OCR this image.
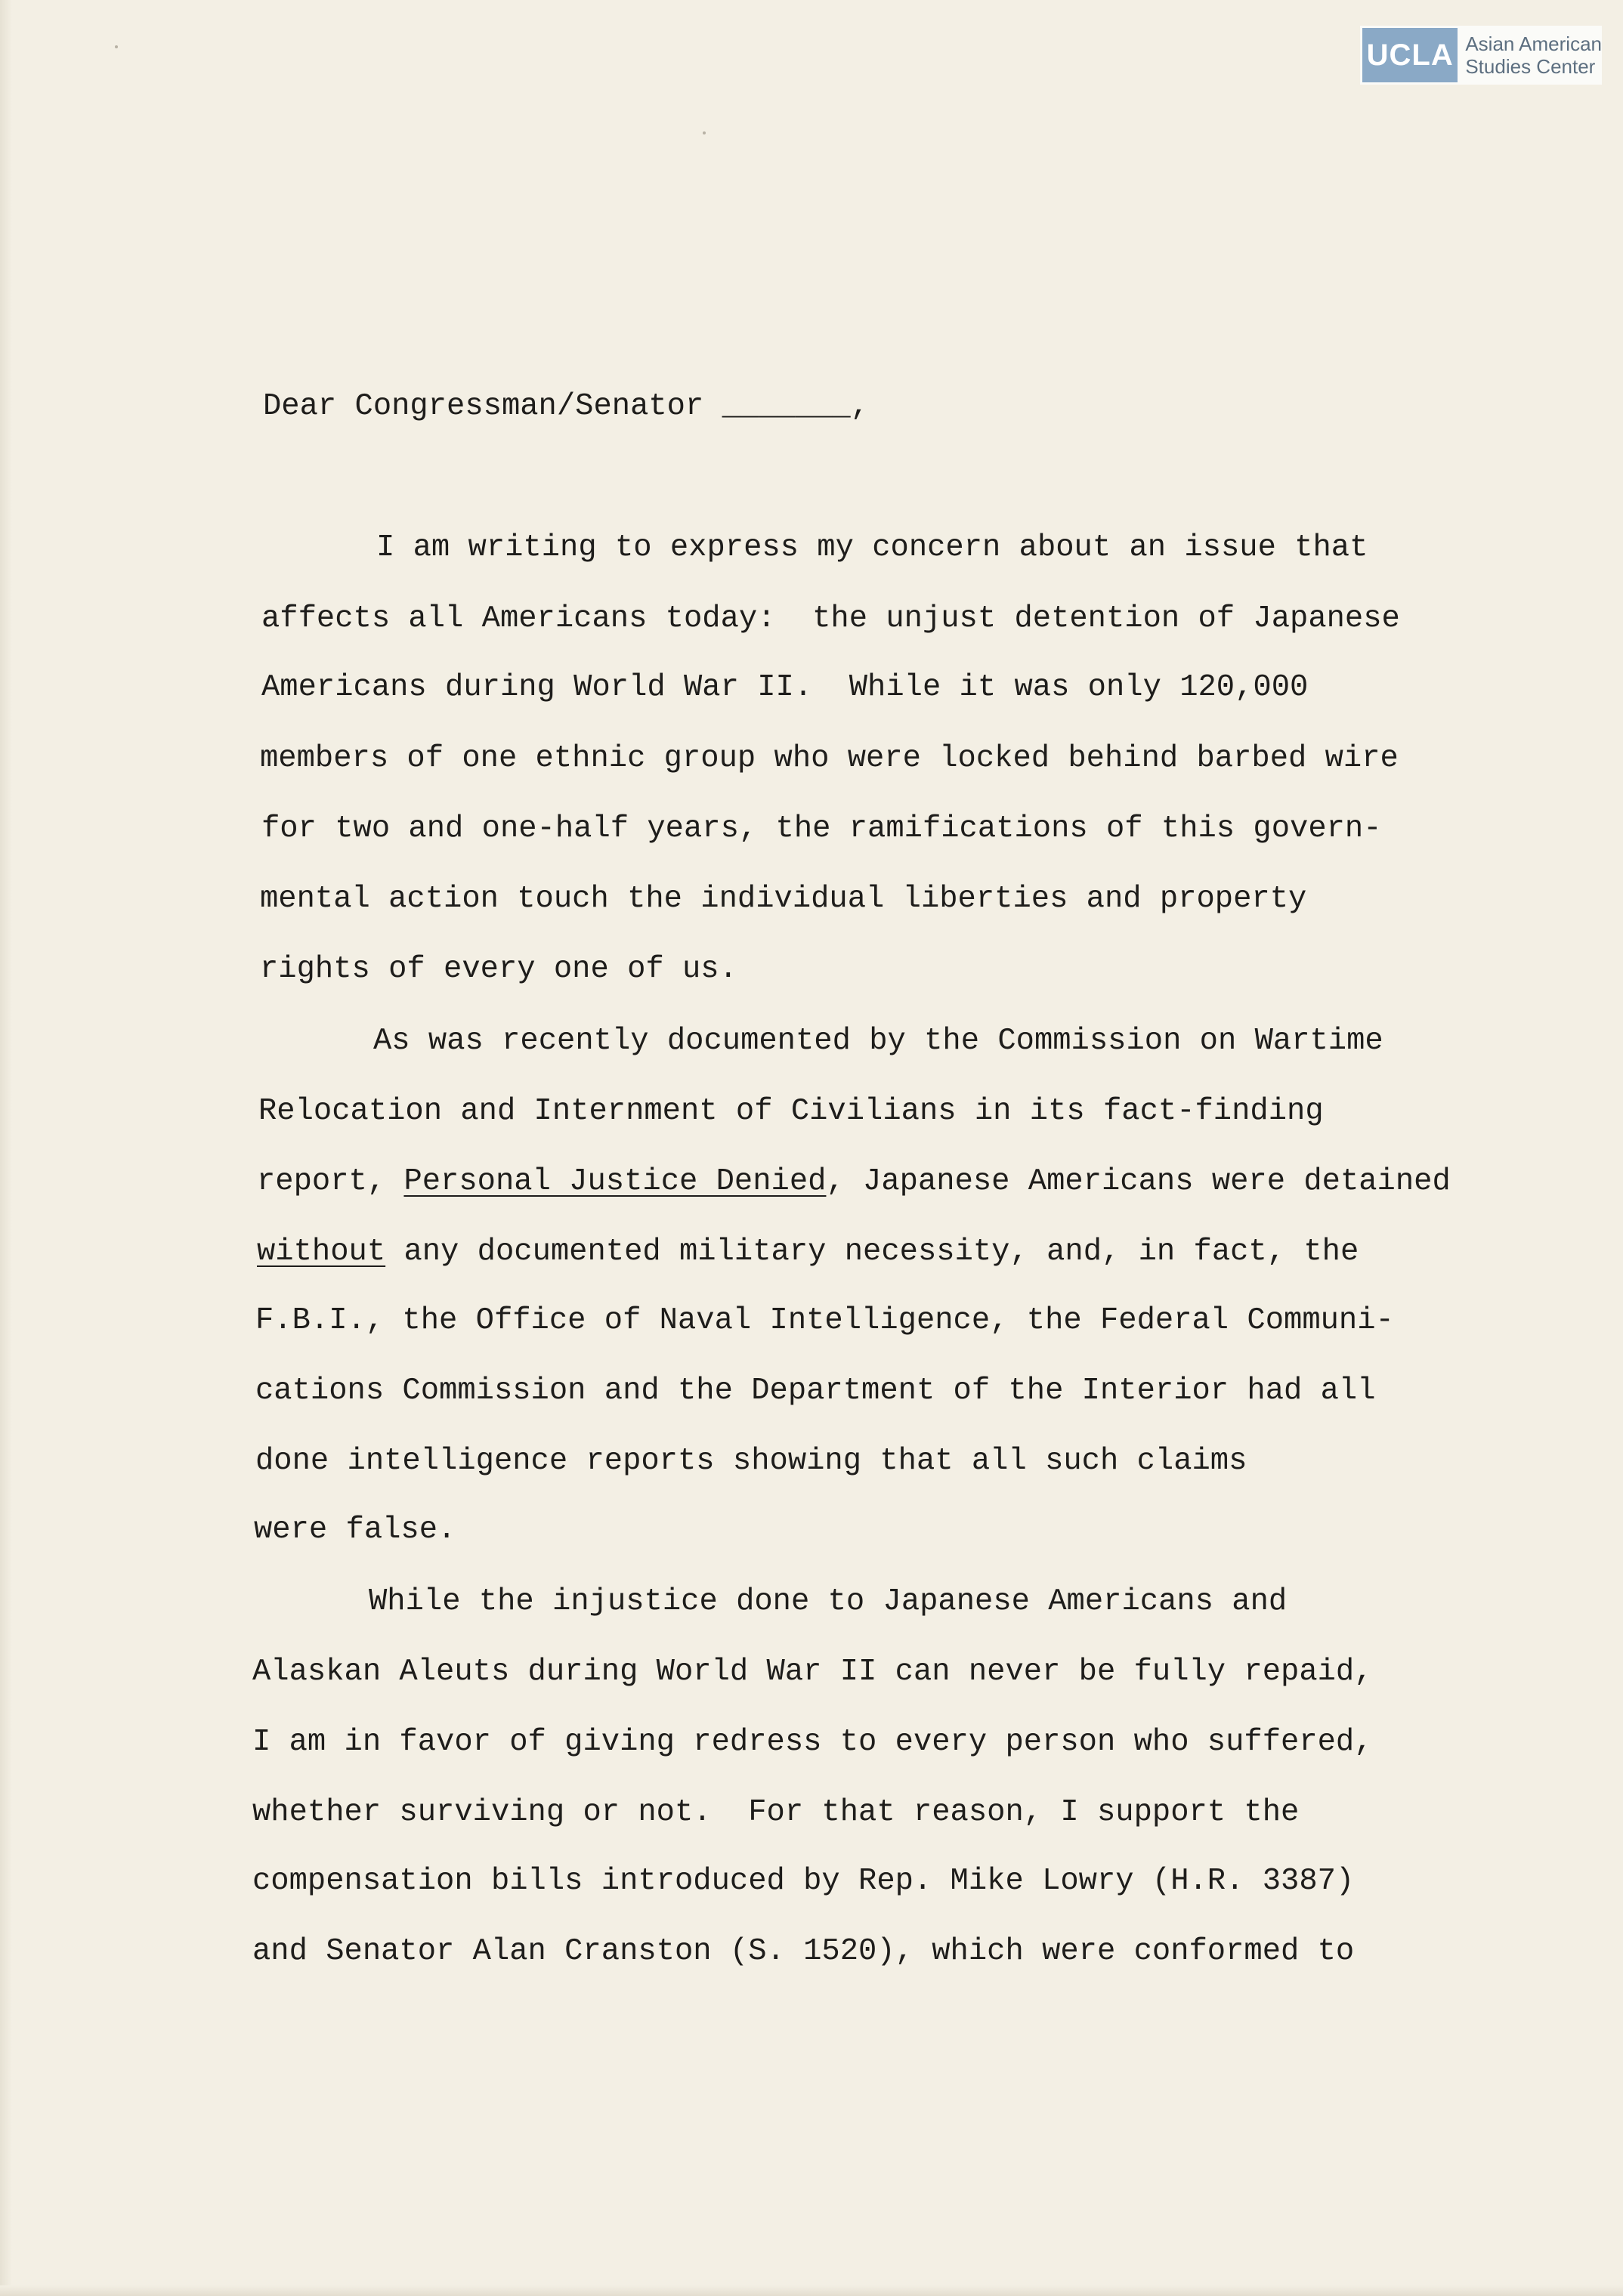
UCLA Asian American
Studies Center
Dear Congressman/Senator _______,
I am writing to express my concern about an issue that
affects all Americans today:  the unjust detention of Japanese
Americans during World War II.  While it was only 120,000
members of one ethnic group who were locked behind barbed wire
for two and one-half years, the ramifications of this govern-
mental action touch the individual liberties and property
rights of every one of us.
As was recently documented by the Commission on Wartime
Relocation and Internment of Civilians in its fact-finding
report, Personal Justice Denied, Japanese Americans were detained
without any documented military necessity, and, in fact, the
F.B.I., the Office of Naval Intelligence, the Federal Communi-
cations Commission and the Department of the Interior had all
done intelligence reports showing that all such claims
were false.
While the injustice done to Japanese Americans and
Alaskan Aleuts during World War II can never be fully repaid,
I am in favor of giving redress to every person who suffered,
whether surviving or not.  For that reason, I support the
compensation bills introduced by Rep. Mike Lowry (H.R. 3387)
and Senator Alan Cranston (S. 1520), which were conformed to
